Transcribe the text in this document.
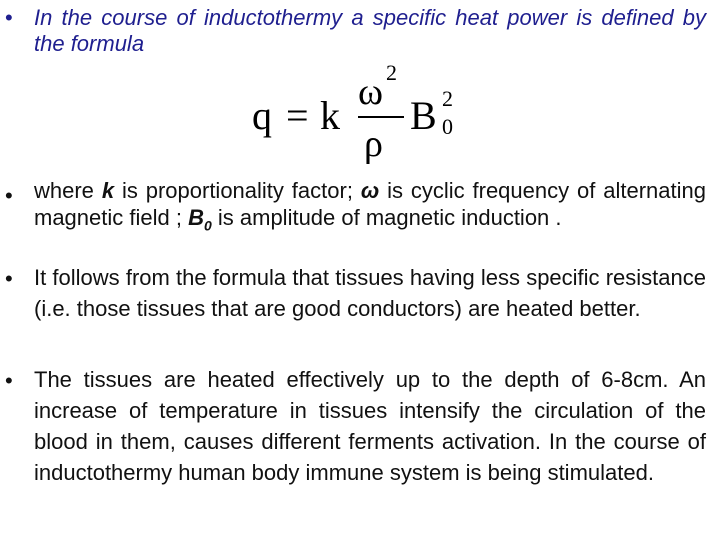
• In the course of inductothermy a specific heat power is defined by the formula
q = k
ω 2
ρ
B 2
0
• where k is proportionality factor; ω is cyclic frequency of alternating magnetic field ; $B_0$ is amplitude of magnetic induction .
• It follows from the formula that tissues having less specific resistance (i.e. those tissues that are good conductors) are heated better.
• The tissues are heated effectively up to the depth of 6-8cm. An increase of temperature in tissues intensify the circulation of the blood in them, causes different ferments activation. In the course of inductothermy human body immune system is being stimulated.
